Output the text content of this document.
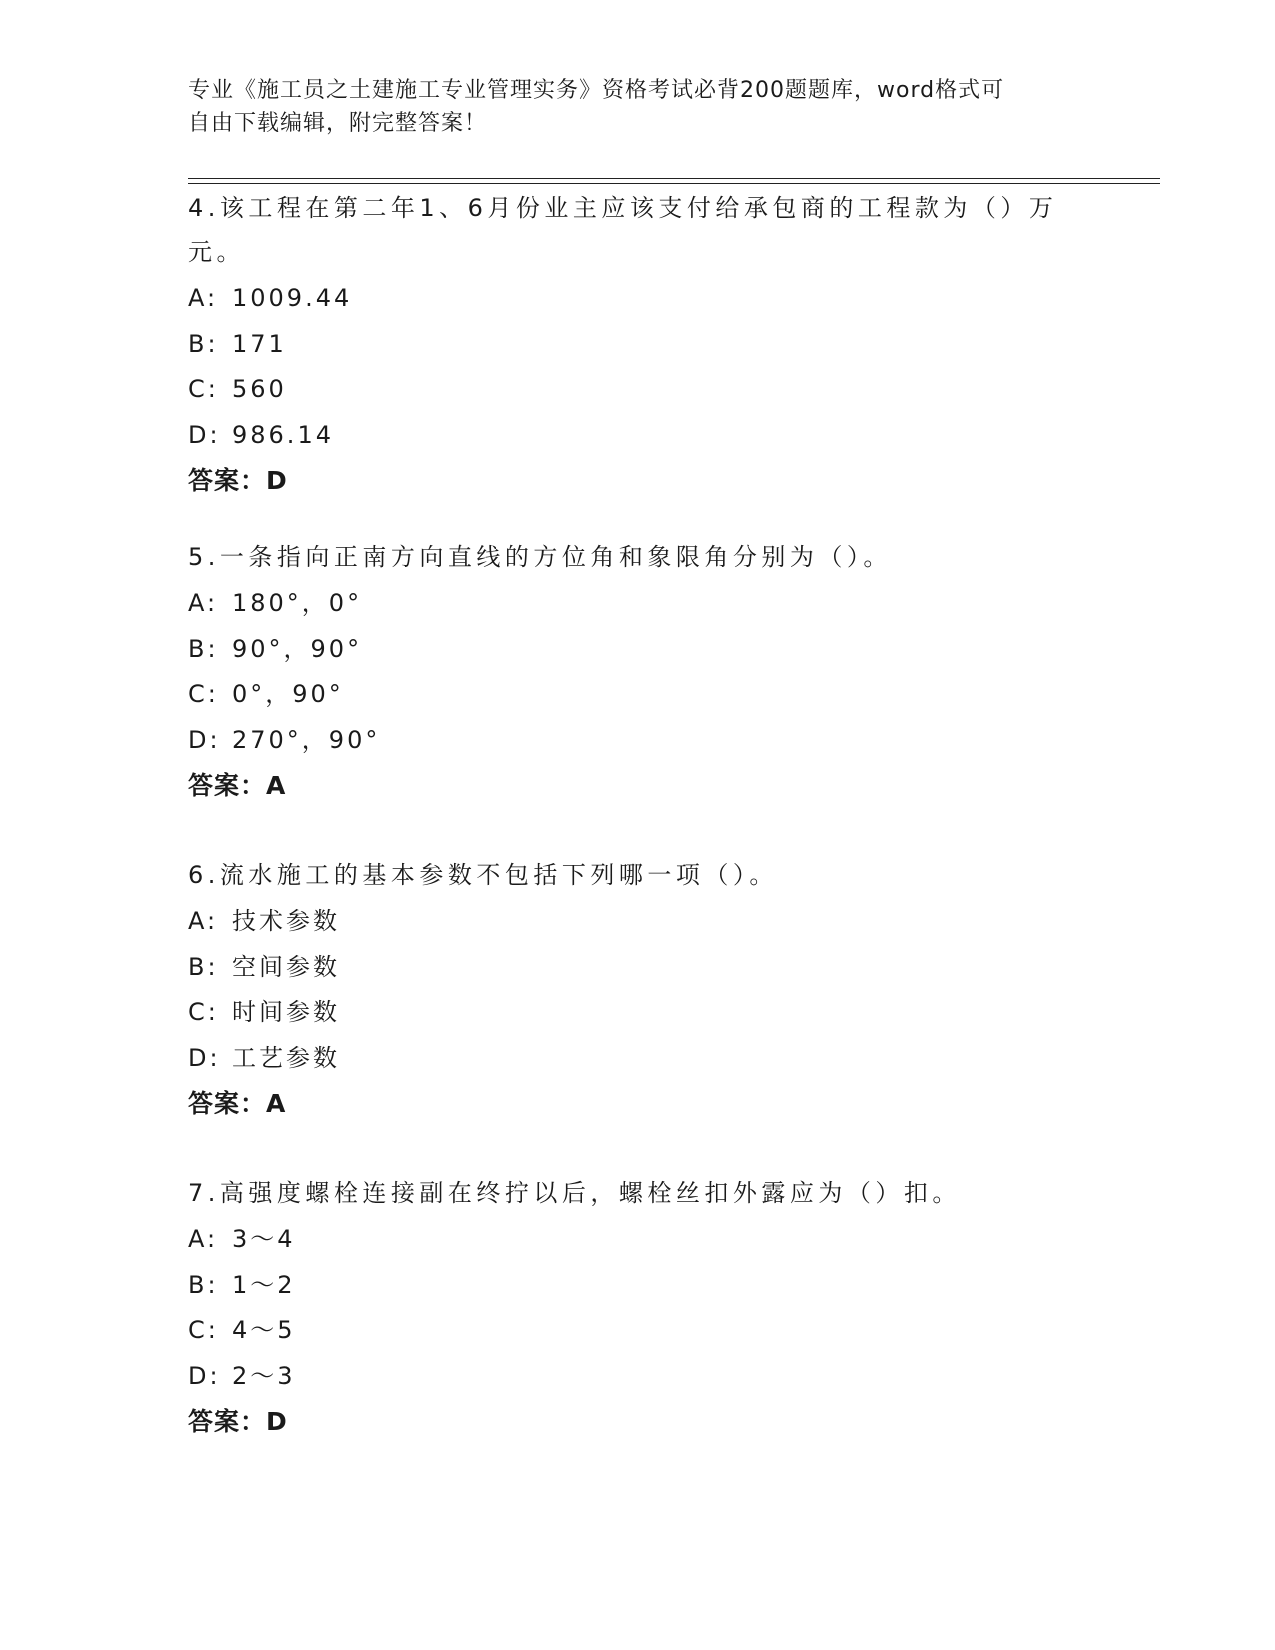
专业《施工员之土建施工专业管理实务》资格考试必背200题题库，word格式可
自由下载编辑，附完整答案！
4.该工程在第二年1、6月份业主应该支付给承包商的工程款为（）万
元。
A: 1009.44
B: 171
C: 560
D: 986.14
答案：D
5.一条指向正南方向直线的方位角和象限角分别为（）。
A: 180°，0°
B: 90°，90°
C: 0°，90°
D: 270°，90°
答案：A
6.流水施工的基本参数不包括下列哪一项（）。
A: 技术参数
B: 空间参数
C: 时间参数
D: 工艺参数
答案：A
7.高强度螺栓连接副在终拧以后，螺栓丝扣外露应为（）扣。
A: 3～4
B: 1～2
C: 4～5
D: 2～3
答案：D
